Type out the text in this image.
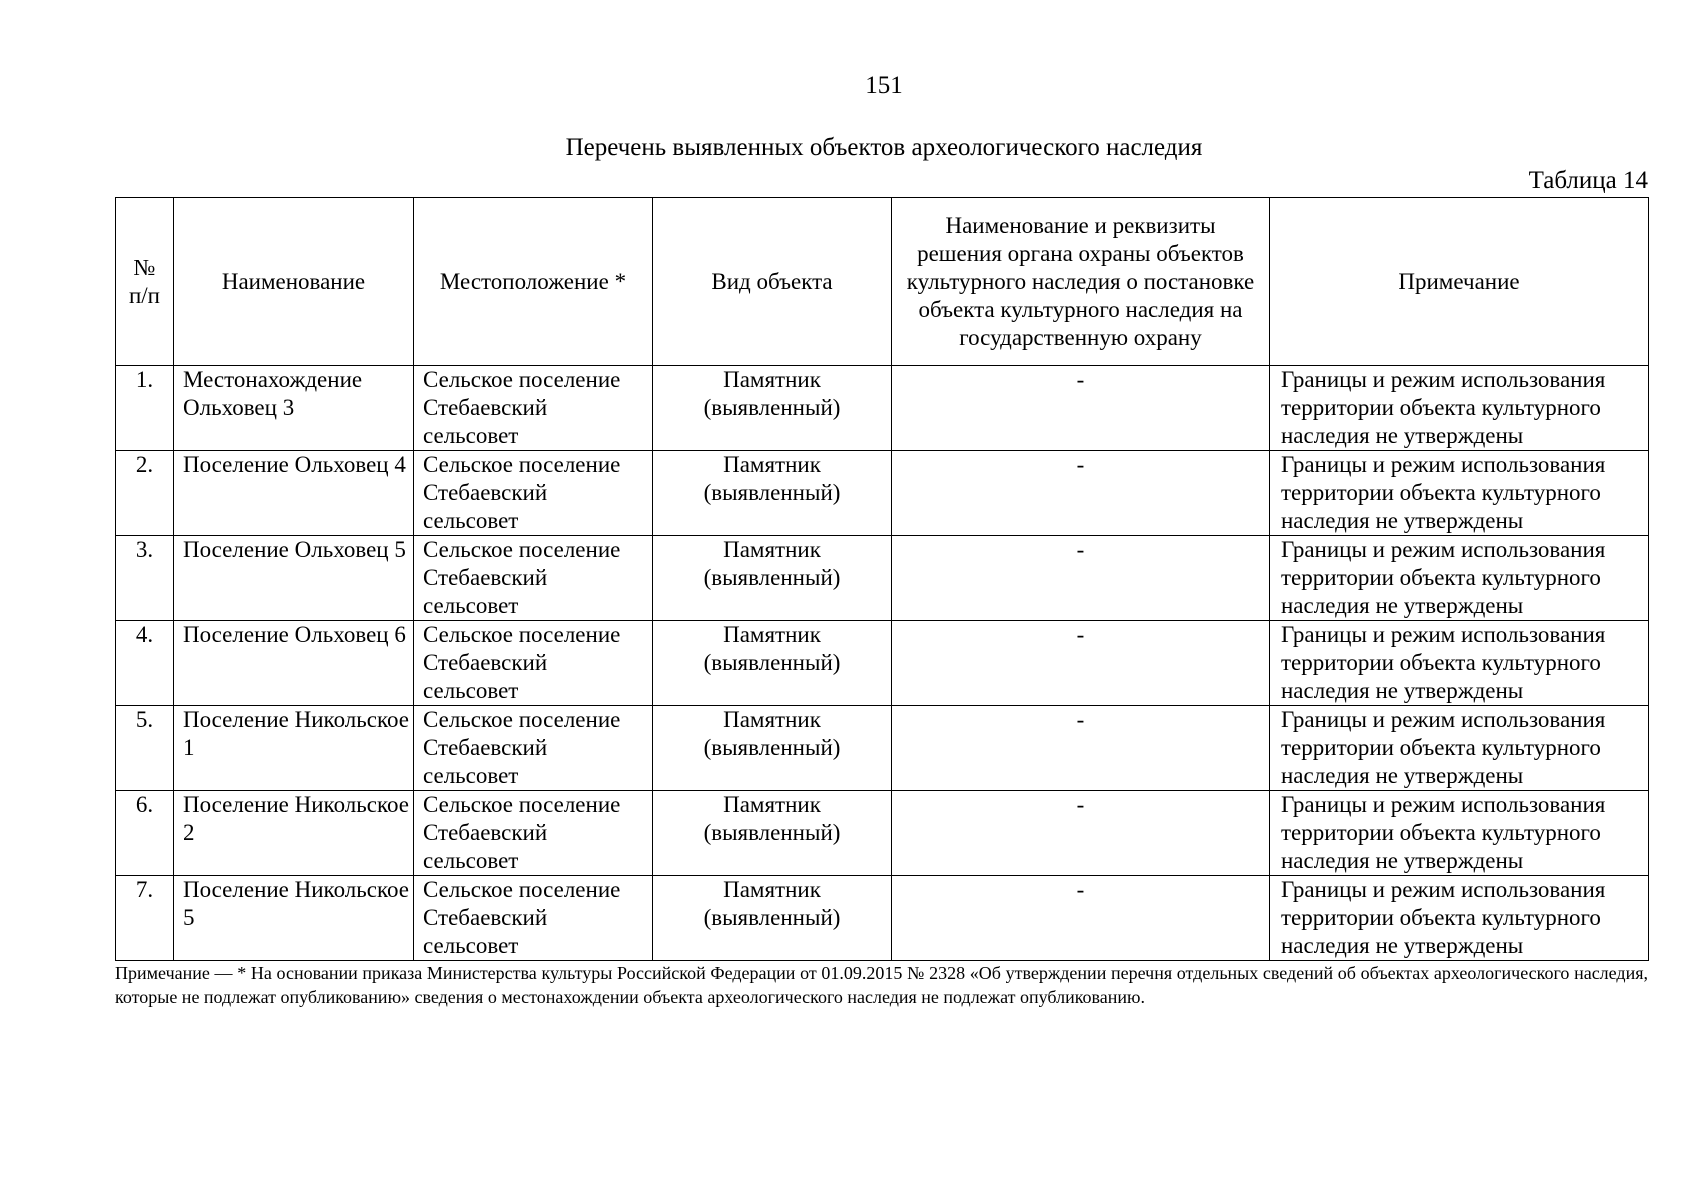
151
Перечень выявленных объектов археологического наследия
Таблица 14
№ п/п	Наименование	Местоположение *	Вид объекта	Наименование и реквизиты решения органа охраны объектов культурного наследия о постановке объекта культурного наследия на государственную охрану	Примечание
1.	Местонахождение Ольховец 3	Сельское поселение Стебаевский сельсовет	Памятник (выявленный)	-	Границы и режим использования территории объекта культурного наследия не утверждены
2.	Поселение Ольховец 4	Сельское поселение Стебаевский сельсовет	Памятник (выявленный)	-	Границы и режим использования территории объекта культурного наследия не утверждены
3.	Поселение Ольховец 5	Сельское поселение Стебаевский сельсовет	Памятник (выявленный)	-	Границы и режим использования территории объекта культурного наследия не утверждены
4.	Поселение Ольховец 6	Сельское поселение Стебаевский сельсовет	Памятник (выявленный)	-	Границы и режим использования территории объекта культурного наследия не утверждены
5.	Поселение Никольское 1	Сельское поселение Стебаевский сельсовет	Памятник (выявленный)	-	Границы и режим использования территории объекта культурного наследия не утверждены
6.	Поселение Никольское 2	Сельское поселение Стебаевский сельсовет	Памятник (выявленный)	-	Границы и режим использования территории объекта культурного наследия не утверждены
7.	Поселение Никольское 5	Сельское поселение Стебаевский сельсовет	Памятник (выявленный)	-	Границы и режим использования территории объекта культурного наследия не утверждены
Примечание — * На основании приказа Министерства культуры Российской Федерации от 01.09.2015 № 2328 «Об утверждении перечня отдельных сведений об объектах археологического наследия, которые не подлежат опубликованию» сведения о местонахождении объекта археологического наследия не подлежат опубликованию.
